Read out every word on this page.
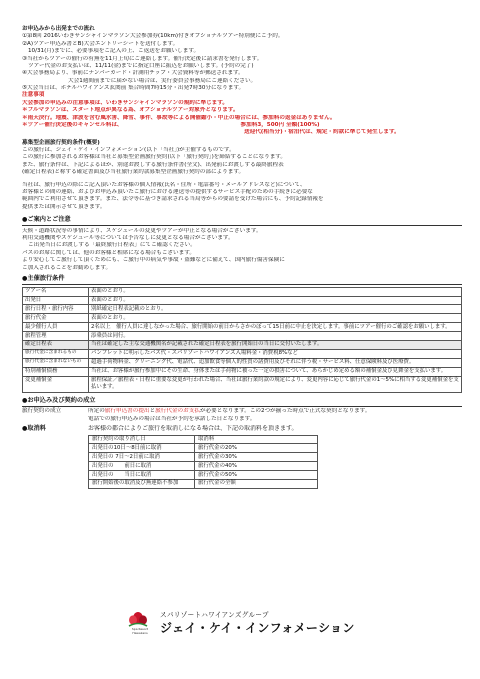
お申込みから出発までの流れ
①第8回 2016いわきサンシャインマラソン大会参加券(10km)付きオプショナルツアー特別便にご予約。
②A)ツアー申込み書とB)大会エントリーシートを送付します。
10/31(月)までに、必要事項をご記入の上、ご返送をお願いします。
③当社からツアーの催行の有無を11月上旬にご連絡します。催行決定後に請求書を発行します。
ツアー代金のお支払いは、11/11(金)までに指定口座に振込をお願いします。(予約の完了)
④大会事務局より、事前にナンバーカード・計測用チップ・大会資料等が郵送されます。
大会1週間前までに届かない場合は、実行委員会事務局にご連絡ください。
⑤大会当日は、ホテルハワイアンズ玄関前 集合時間7時15分・出発7時30分になります。
注意事項
大会参加の申込みの注意事項は、いわきサンシャインマラソンの規約に準じます。
＊フルマラソンは、スタート地点が異なる為、オプショナルツアー対象外となります。
＊雨天決行。地震、津波を含む風水害、降雪、事件、事故等による開催縮小・中止の場合には、参加料の返金はありません。
＊ツアー催行決定後のキャンセル料は、	参加料3，500円 全額(100%)
送迎代(相当分)・宿泊代は、規定・約款に準じて発生します。
募集型企画旅行契約条件(概要)
この旅行は、ジェイ・ケイ・インフォメーション(以下「当社」)が主催するものです。
この旅行に参加されるお客様は当社と募集型企画旅行契約(以下「旅行契約」)を締結することになります。
また、旅行条件は、下記によるほか、別途お渡しする旅行条件書(全文)、出発前にお渡しする最終旅程表
(確定日程表)と称する確定書面及び当社旅行業約款募集型企画旅行契約の部によります。
当社は、旅行申込の際にご記入頂いたお客様の個人情報(氏名・住所・電話番号・メールアドレスなど)について、
お客様との間の連絡、およびお申込み頂いたご旅行における運送等の提供するサービス手配のための手続きに必要な
範囲内でご利用させて頂きます。また、法令等に基づき請求される当局等からの要請を受けた場合にも、予約記録情報を
提供または開示させて頂きます。
●ご案内とご注意
天候・道路状況等の事情により、スケジュールの変更やツアーが中止となる場合がございます。
利用交通機関やスケジュール等については予告なしに変更となる場合がございます。
ご出発当日にお渡しする「最終旅行日程表」にてご確認ください。
バスのお席に関しては、他のお客様と相席になる場合もございます。
より安心してご旅行して頂くためにも、ご旅行中の病気や事故・盗難などに備えて、国内旅行傷害保険に
ご加入されることをお勧めします。
●主催旅行条件
ツアー名	表面のとおり。
出発日	表面のとおり。
旅行日程・旅行内容	別紙確定日程表記載のとおり。
旅行代金	表面のとおり。
最少催行人員	2名以上　催行人員に達しなかった場合、旅行開始の前日からさかのぼって15日前に中止を決定します。事前にツアー催行のご確認をお願いします。
旅程管理	添乗員は同行。
確定日程表	当社は確定した主な交通機関名が記載された確定日程表を旅行開始日の当日に交付いたします。
旅行代金に含まれるもの	パンフレットに明示したバス代・スパリゾートハワイアンズ入場料金・消費税8%など
旅行代金に含まれないもの	超過手荷物料金、クリーニング代、電話代、追加飲食等個人的性質の諸費用及びそれに伴う税・サービス料、任意保険料及び医療費。
特別補償債務	当社は、お客様が旅行参加中にその生命、身体または手荷物に被った一定の損害について、あらかじめ定める額の補償金及び見舞金を支払います。
変更補償金	旅程保証／旅程表・日程に重要な変更が行われた場合、当社は旅行業約款の規定により、変更内容に応じて旅行代金の1～5%に相当する変更補償金を支払います。
●お申込み及び契約の成立
旅行契約の成立	所定の旅行申込書の提出と旅行代金のお支払が必要となります。この2つが揃った時点で正式な契約となります。
電話での旅行申込みの場合は当社が予約を承諾した日となります。
●取消料	お客様の都合によりご旅行を取消しになる場合は、下記の取消料を頂きます。
旅行契約の取り消し日	取消料
出発日の10日～8日前に取消	旅行代金の20%
出発日の 7日～2日前に取消	旅行代金の30%
出発日の　　前日に取消	旅行代金の40%
出発日の　　当日に取消	旅行代金の50%
旅行開始後の取消及び無連絡不参加	旅行代金の全額
Spa Resort Hawaiians
スパリゾートハワイアンズグループ
ジェイ・ケイ・インフォメーション
